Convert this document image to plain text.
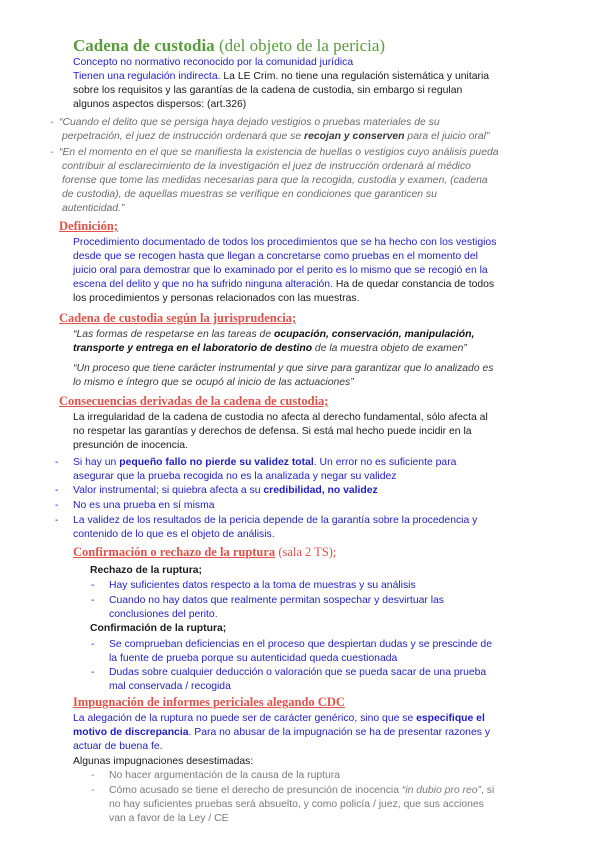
Cadena de custodia (del objeto de la pericia)
Concepto no normativo reconocido por la comunidad jurídica
Tienen una regulación indirecta. La LE Crim. no tiene una regulación sistemática y unitaria
sobre los requisitos y las garantías de la cadena de custodia, sin embargo si regulan
algunos aspectos dispersos: (art.326)
- “Cuando el delito que se persiga haya dejado vestigios o pruebas materiales de su
perpetración, el juez de instrucción ordenará que se recojan y conserven para el juicio oral”
- “En el momento en el que se manifiesta la existencia de huellas o vestigios cuyo análisis pueda
contribuir al esclarecimiento de la investigación el juez de instrucción ordenará al médico
forense que tome las medidas necesarias para que la recogida, custodia y examen, (cadena
de custodia), de aquellas muestras se verifique en condiciones que garanticen su
autenticidad.”
Definición;
Procedimiento documentado de todos los procedimientos que se ha hecho con los vestigios
desde que se recogen hasta que llegan a concretarse como pruebas en el momento del
juicio oral para demostrar que lo examinado por el perito es lo mismo que se recogió en la
escena del delito y que no ha sufrido ninguna alteración. Ha de quedar constancia de todos
los procedimientos y personas relacionados con las muestras.
Cadena de custodia según la jurisprudencia;
“Las formas de respetarse en las tareas de ocupación, conservación, manipulación,
transporte y entrega en el laboratorio de destino de la muestra objeto de examen”
“Un proceso que tiene carácter instrumental y que sirve para garantizar que lo analizado es
lo mismo e íntegro que se ocupó al inicio de las actuaciones”
Consecuencias derivadas de la cadena de custodia;
La irregularidad de la cadena de custodia no afecta al derecho fundamental, sólo afecta al
no respetar las garantías y derechos de defensa. Si está mal hecho puede incidir en la
presunción de inocencia.
- Si hay un pequeño fallo no pierde su validez total. Un error no es suficiente para
asegurar que la prueba recogida no es la analizada y negar su validez
- Valor instrumental; si quiebra afecta a su credibilidad, no validez
- No es una prueba en sí misma
- La validez de los resultados de la pericia depende de la garantía sobre la procedencia y
contenido de lo que es el objeto de análisis.
Confirmación o rechazo de la ruptura (sala 2 TS);
Rechazo de la ruptura;
- Hay suficientes datos respecto a la toma de muestras y su análisis
- Cuando no hay datos que realmente permitan sospechar y desvirtuar las
conclusiones del perito.
Confirmación de la ruptura;
- Se comprueban deficiencias en el proceso que despiertan dudas y se prescinde de
la fuente de prueba porque su autenticidad queda cuestionada
- Dudas sobre cualquier deducción o valoración que se pueda sacar de una prueba
mal conservada / recogida
Impugnación de informes periciales alegando CDC
La alegación de la ruptura no puede ser de carácter genérico, sino que se especifique el
motivo de discrepancia. Para no abusar de la impugnación se ha de presentar razones y
actuar de buena fe.
Algunas impugnaciones desestimadas:
- No hacer argumentación de la causa de la ruptura
- Cómo acusado se tiene el derecho de presunción de inocencia “in dubio pro reo”, si
no hay suficientes pruebas será absuelto, y como policía / juez, que sus acciones
van a favor de la Ley / CE
